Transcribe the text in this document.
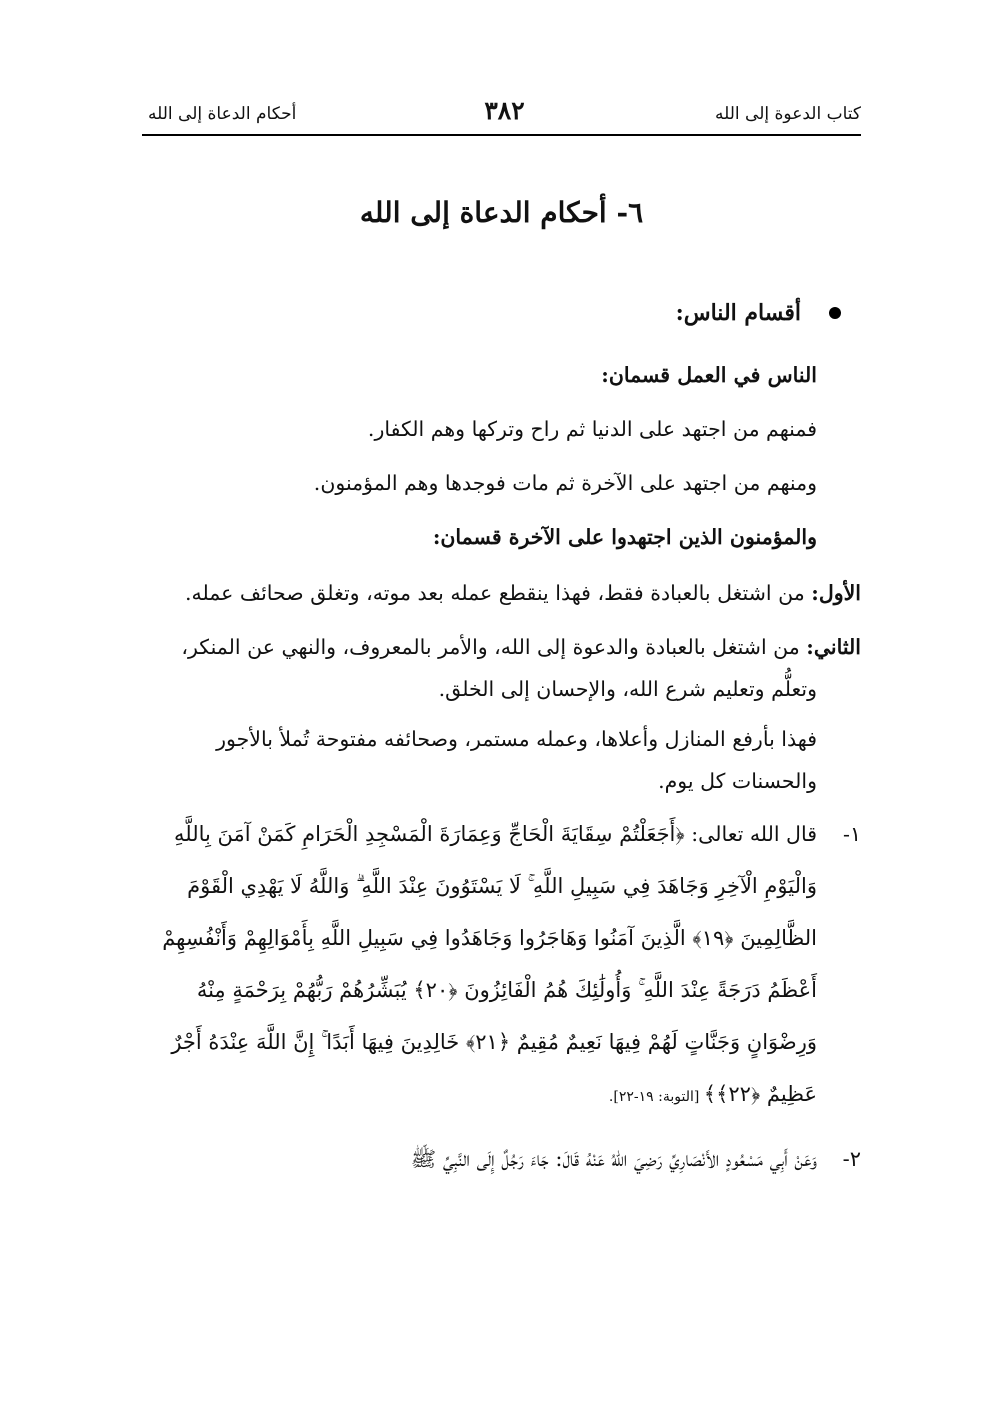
كتاب الدعوة إلى الله
٣٨٢
أحكام الدعاة إلى الله
٦- أحكام الدعاة إلى الله
أقسام الناس:

الناس في العمل قسمان:

فمنهم من اجتهد على الدنيا ثم راح وتركها وهم الكفار.

ومنهم من اجتهد على الآخرة ثم مات فوجدها وهم المؤمنون.

والمؤمنون الذين اجتهدوا على الآخرة قسمان:

الأول: من اشتغل بالعبادة فقط، فهذا ينقطع عمله بعد موته، وتغلق صحائف عمله.

الثاني: من اشتغل بالعبادة والدعوة إلى الله، والأمر بالمعروف، والنهي عن المنكر، وتعلُّم وتعليم شرع الله، والإحسان إلى الخلق.

فهذا بأرفع المنازل وأعلاها، وعمله مستمر، وصحائفه مفتوحة تُملأ بالأجور والحسنات كل يوم.

١-
قال الله تعالى: ﴿أَجَعَلْتُمْ سِقَايَةَ الْحَاجِّ وَعِمَارَةَ الْمَسْجِدِ الْحَرَامِ كَمَنْ آمَنَ بِاللَّهِ وَالْيَوْمِ الْآخِرِ وَجَاهَدَ فِي سَبِيلِ اللَّهِ ۚ لَا يَسْتَوُونَ عِنْدَ اللَّهِ ۗ وَاللَّهُ لَا يَهْدِي الْقَوْمَ الظَّالِمِينَ ﴿١٩﴾ الَّذِينَ آمَنُوا وَهَاجَرُوا وَجَاهَدُوا فِي سَبِيلِ اللَّهِ بِأَمْوَالِهِمْ وَأَنْفُسِهِمْ أَعْظَمُ دَرَجَةً عِنْدَ اللَّهِ ۚ وَأُولَٰئِكَ هُمُ الْفَائِزُونَ ﴿٢٠﴾ يُبَشِّرُهُمْ رَبُّهُمْ بِرَحْمَةٍ مِنْهُ وَرِضْوَانٍ وَجَنَّاتٍ لَهُمْ فِيهَا نَعِيمٌ مُقِيمٌ ﴿٢١﴾ خَالِدِينَ فِيهَا أَبَدًا ۚ إِنَّ اللَّهَ عِنْدَهُ أَجْرٌ عَظِيمٌ ﴿٢٢﴾﴾ [التوبة: ١٩-٢٢].
٢-
وَعَنْ أَبِي مَسْعُودٍ الأَنْصَارِيِّ رَضِيَ اللهُ عَنْهُ قَالَ: جَاءَ رَجُلٌ إِلَى النَّبِيِّ ﷺ
